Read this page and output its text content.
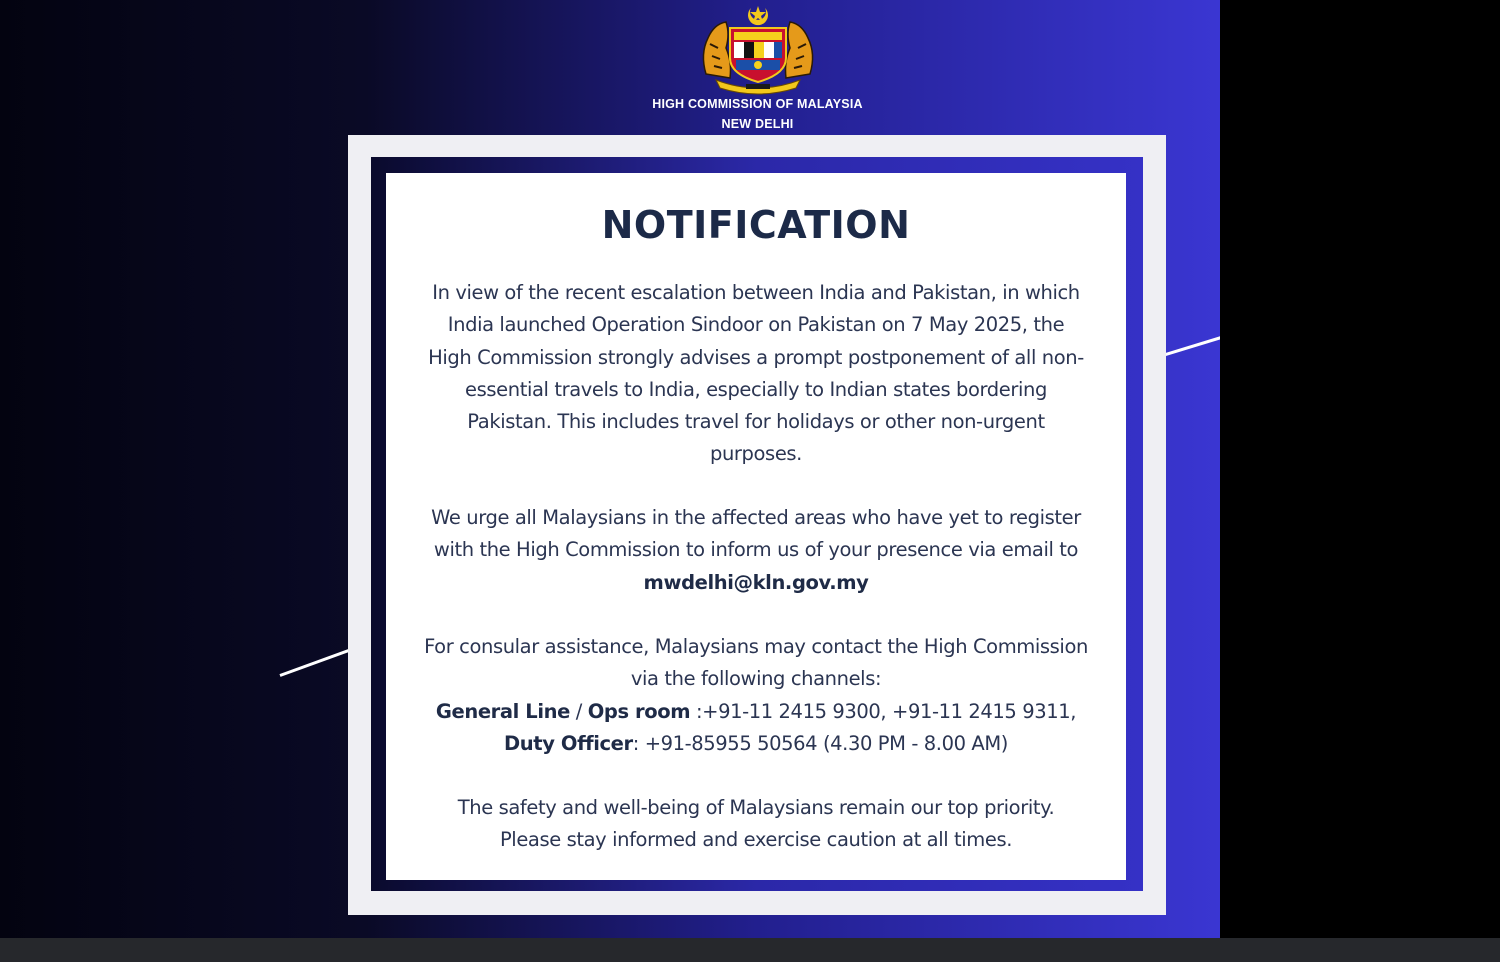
HIGH COMMISSION OF MALAYSIA
NEW DELHI
NOTIFICATION
In view of the recent escalation between India and Pakistan, in which
India launched Operation Sindoor on Pakistan on 7 May 2025, the
High Commission strongly advises a prompt postponement of all non-
essential travels to India, especially to Indian states bordering
Pakistan. This includes travel for holidays or other non-urgent
purposes.
We urge all Malaysians in the affected areas who have yet to register
with the High Commission to inform us of your presence via email to
mwdelhi@kln.gov.my
For consular assistance, Malaysians may contact the High Commission
via the following channels:
General Line / Ops room :+91-11 2415 9300, +91-11 2415 9311,
Duty Officer: +91-85955 50564 (4.30 PM - 8.00 AM)
The safety and well-being of Malaysians remain our top priority.
Please stay informed and exercise caution at all times.
